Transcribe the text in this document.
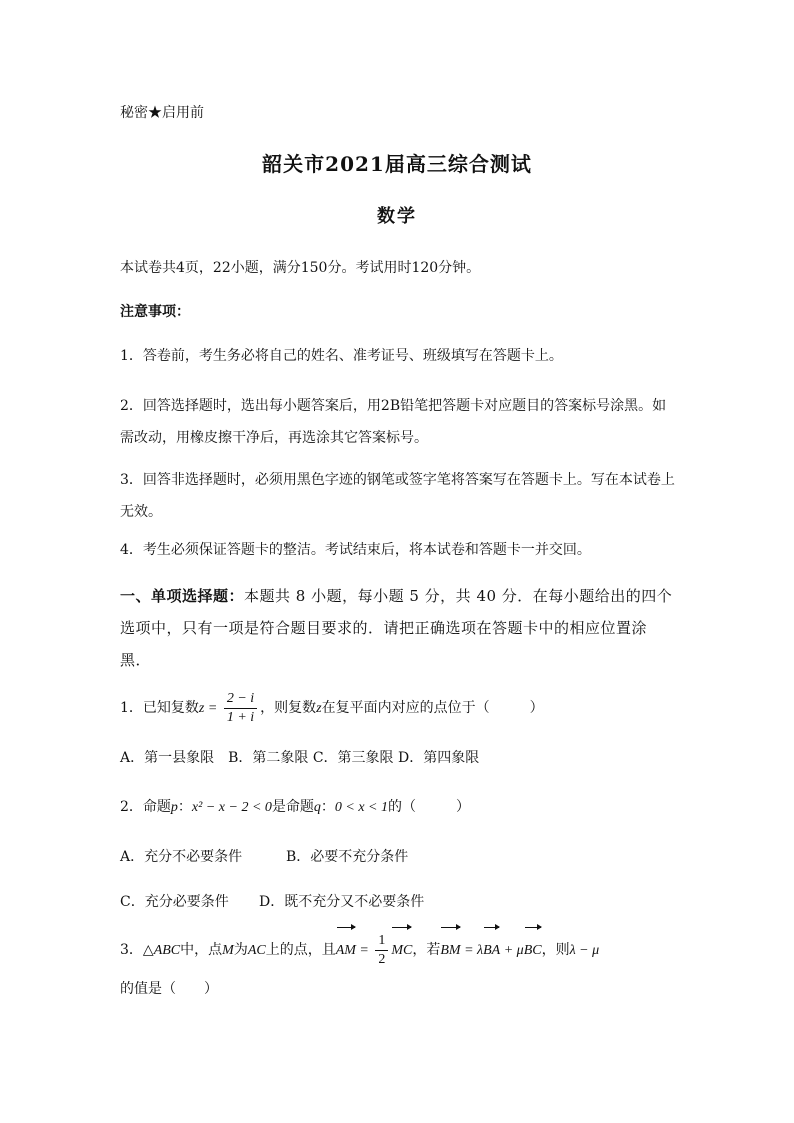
秘密★启用前
韶关市2021届高三综合测试
数学
本试卷共4页，22小题，满分150分。考试用时120分钟。
注意事项：
1．答卷前，考生务必将自己的姓名、准考证号、班级填写在答题卡上。
2．回答选择题时，选出每小题答案后，用2B铅笔把答题卡对应题目的答案标号涂黑。如需改动，用橡皮擦干净后，再选涂其它答案标号。
3．回答非选择题时，必须用黑色字迹的钢笔或签字笔将答案写在答题卡上。写在本试卷上无效。
4．考生必须保证答题卡的整洁。考试结束后，将本试卷和答题卡一并交回。
一、单项选择题：本题共 8 小题，每小题 5 分，共 40 分．在每小题给出的四个选项中，只有一项是符合题目要求的．请把正确选项在答题卡中的相应位置涂黑．
1．已知复数$z = \frac{2 - i}{1 + i}$ ，则复数z在复平面内对应的点位于（	）
A．第一县象限　B．第二象限 C．第三象限 D．第四象限
2．命题p：x² − x − 2 < 0是命题q：0 < x < 1的（	）
A．充分不必要条件	B．必要不充分条件
C．充分必要条件 D．既不充分又不必要条件
3．△ABC中，点M为AC上的点，且AM = $\frac{1}{2}$ MC，若BM = λBA + μBC，则λ − μ
的值是（　　）
